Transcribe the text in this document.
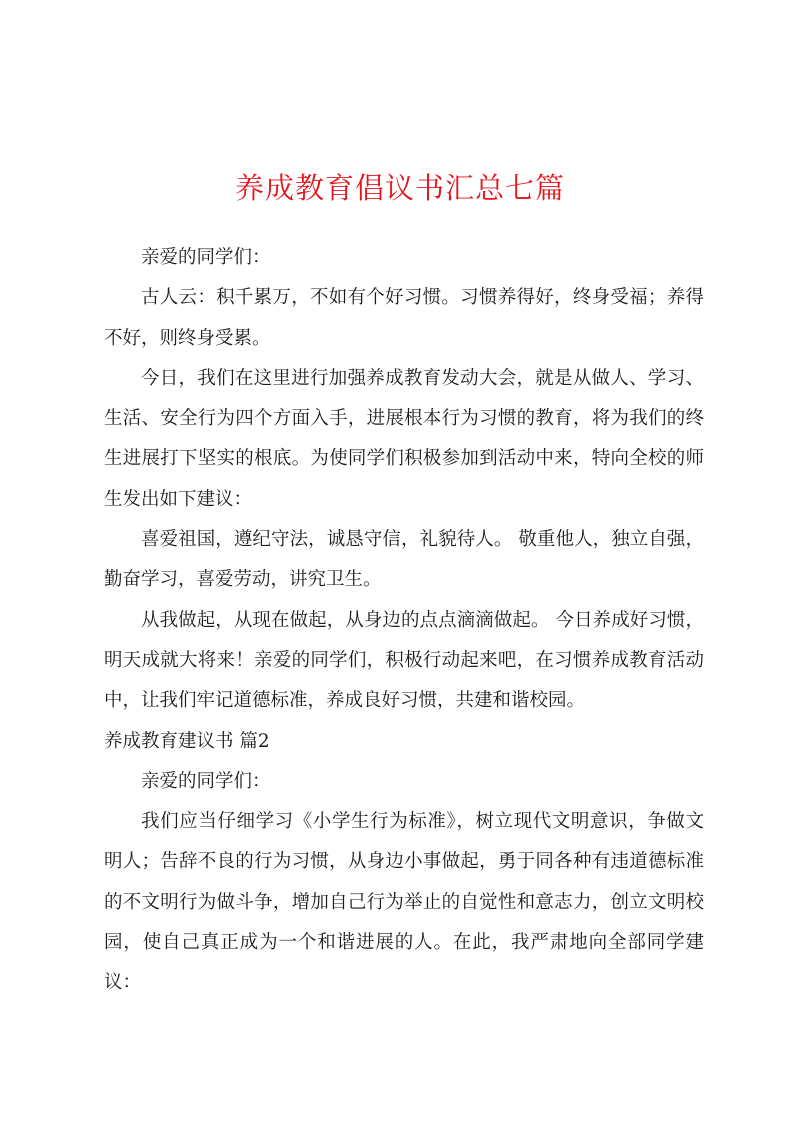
养成教育倡议书汇总七篇

亲爱的同学们：

古人云：积千累万，不如有个好习惯。习惯养得好，终身受福；养得不好，则终身受累。

今日，我们在这里进行加强养成教育发动大会，就是从做人、学习、生活、安全行为四个方面入手，进展根本行为习惯的教育，将为我们的终生进展打下坚实的根底。为使同学们积极参加到活动中来，特向全校的师生发出如下建议：

喜爱祖国，遵纪守法，诚恳守信，礼貌待人。 敬重他人，独立自强，勤奋学习，喜爱劳动，讲究卫生。

从我做起，从现在做起，从身边的点点滴滴做起。 今日养成好习惯，明天成就大将来！亲爱的同学们，积极行动起来吧，在习惯养成教育活动中，让我们牢记道德标准，养成良好习惯，共建和谐校园。

养成教育建议书 篇2

亲爱的同学们：

我们应当仔细学习《小学生行为标准》，树立现代文明意识，争做文明人；告辞不良的行为习惯，从身边小事做起，勇于同各种有违道德标准的不文明行为做斗争，增加自己行为举止的自觉性和意志力，创立文明校园，使自己真正成为一个和谐进展的人。在此，我严肃地向全部同学建议：
